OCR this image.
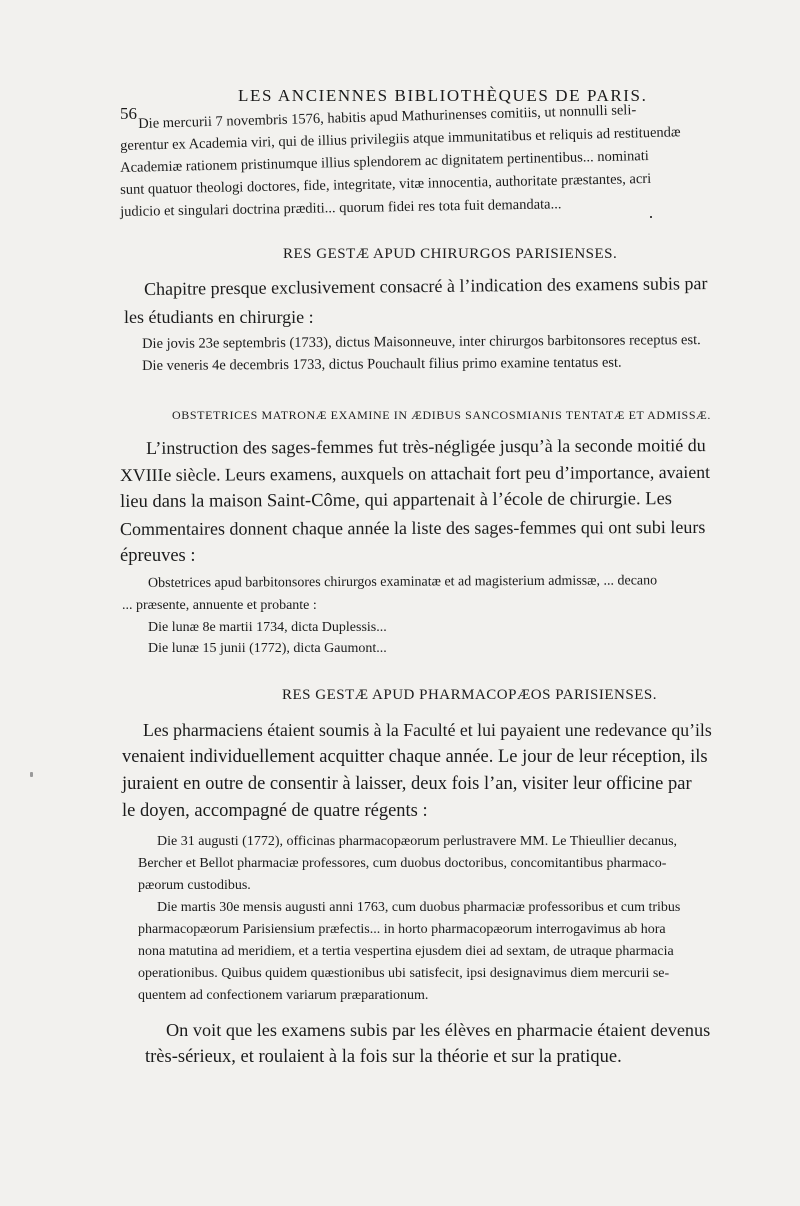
56
LES ANCIENNES BIBLIOTHÈQUES DE PARIS.
Die mercurii 7 novembris 1576, habitis apud Mathurinenses comitiis, ut nonnulli seli-
gerentur ex Academia viri, qui de illius privilegiis atque immunitatibus et reliquis ad restituendæ
Academiæ rationem pristinumque illius splendorem ac dignitatem pertinentibus... nominati
sunt quatuor theologi doctores, fide, integritate, vitæ innocentia, authoritate præstantes, acri
judicio et singulari doctrina præditi... quorum fidei res tota fuit demandata...
RES GESTÆ APUD CHIRURGOS PARISIENSES.
Chapitre presque exclusivement consacré à l’indication des examens subis par
les étudiants en chirurgie :
Die jovis 23e septembris (1733), dictus Maisonneuve, inter chirurgos barbitonsores receptus est.
Die veneris 4e decembris 1733, dictus Pouchault filius primo examine tentatus est.
OBSTETRICES MATRONÆ EXAMINE IN ÆDIBUS SANCOSMIANIS TENTATÆ ET ADMISSÆ.
L’instruction des sages-femmes fut très-négligée jusqu’à la seconde moitié du
XVIIIe siècle. Leurs examens, auxquels on attachait fort peu d’importance, avaient
lieu dans la maison Saint-Côme, qui appartenait à l’école de chirurgie. Les
Commentaires donnent chaque année la liste des sages-femmes qui ont subi leurs
épreuves :
Obstetrices apud barbitonsores chirurgos examinatæ et ad magisterium admissæ, ... decano
... præsente, annuente et probante :
Die lunæ 8e martii 1734, dicta Duplessis...
Die lunæ 15 junii (1772), dicta Gaumont...
RES GESTÆ APUD PHARMACOPÆOS PARISIENSES.
Les pharmaciens étaient soumis à la Faculté et lui payaient une redevance qu’ils
venaient individuellement acquitter chaque année. Le jour de leur réception, ils
juraient en outre de consentir à laisser, deux fois l’an, visiter leur officine par
le doyen, accompagné de quatre régents :
Die 31 augusti (1772), officinas pharmacopæorum perlustravere MM. Le Thieullier decanus,
Bercher et Bellot pharmaciæ professores, cum duobus doctoribus, concomitantibus pharmaco-
pæorum custodibus.
Die martis 30e mensis augusti anni 1763, cum duobus pharmaciæ professoribus et cum tribus
pharmacopæorum Parisiensium præfectis... in horto pharmacopæorum interrogavimus ab hora
nona matutina ad meridiem, et a tertia vespertina ejusdem diei ad sextam, de utraque pharmacia
operationibus. Quibus quidem quæstionibus ubi satisfecit, ipsi designavimus diem mercurii se-
quentem ad confectionem variarum præparationum.
On voit que les examens subis par les élèves en pharmacie étaient devenus
très-sérieux, et roulaient à la fois sur la théorie et sur la pratique.
